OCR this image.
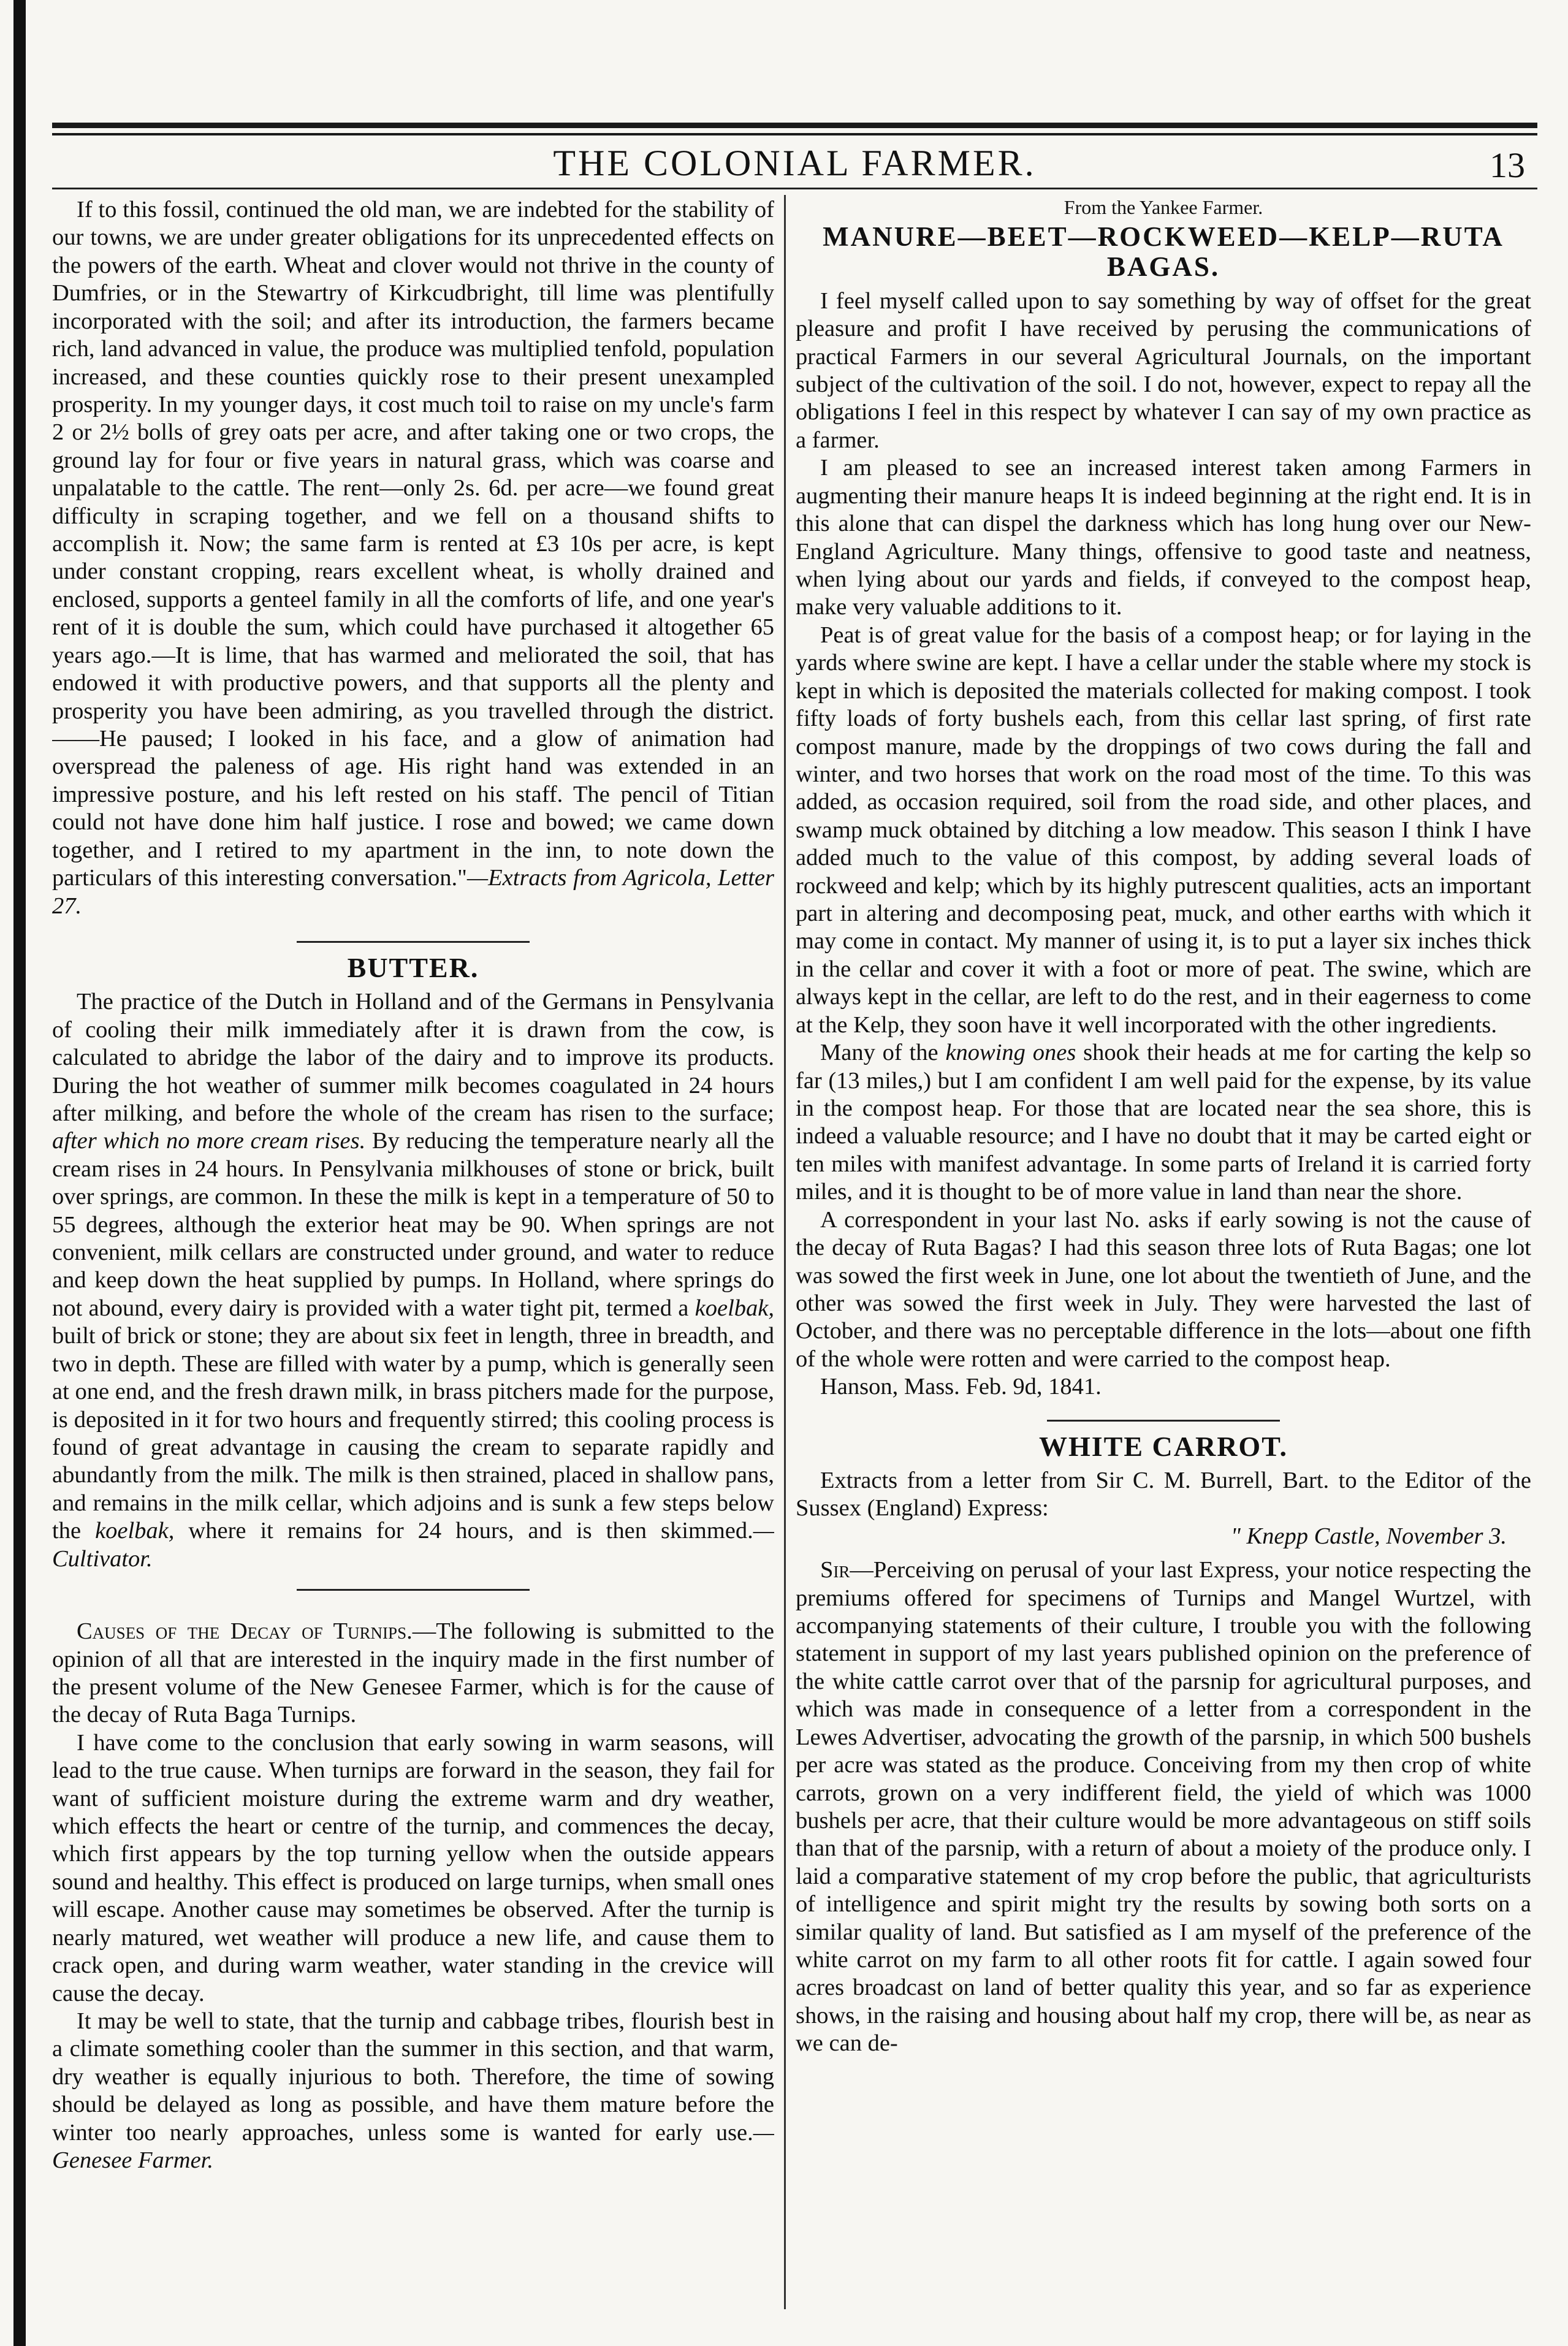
THE COLONIAL FARMER.	13

If to this fossil, continued the old man, we are indebted for the stability of our towns, we are under greater obligations for its unprecedented effects on the powers of the earth. Wheat and clover would not thrive in the county of Dumfries, or in the Stewartry of Kirkcudbright, till lime was plentifully incorporated with the soil; and after its introduction, the farmers became rich, land advanced in value, the produce was multiplied tenfold, population increased, and these counties quickly rose to their present unexampled prosperity. In my younger days, it cost much toil to raise on my uncle's farm 2 or 2½ bolls of grey oats per acre, and after taking one or two crops, the ground lay for four or five years in natural grass, which was coarse and unpalatable to the cattle. The rent—only 2s. 6d. per acre—we found great difficulty in scraping together, and we fell on a thousand shifts to accomplish it. Now; the same farm is rented at £3 10s per acre, is kept under constant cropping, rears excellent wheat, is wholly drained and enclosed, supports a genteel family in all the comforts of life, and one year's rent of it is double the sum, which could have purchased it altogether 65 years ago.—It is lime, that has warmed and meliorated the soil, that has endowed it with productive powers, and that supports all the plenty and prosperity you have been admiring, as you travelled through the district.——He paused; I looked in his face, and a glow of animation had overspread the paleness of age. His right hand was extended in an impressive posture, and his left rested on his staff. The pencil of Titian could not have done him half justice. I rose and bowed; we came down together, and I retired to my apartment in the inn, to note down the particulars of this interesting conversation."—Extracts from Agricola, Letter 27.

BUTTER.

The practice of the Dutch in Holland and of the Germans in Pensylvania of cooling their milk immediately after it is drawn from the cow, is calculated to abridge the labor of the dairy and to improve its products. During the hot weather of summer milk becomes coagulated in 24 hours after milking, and before the whole of the cream has risen to the surface; after which no more cream rises. By reducing the temperature nearly all the cream rises in 24 hours. In Pensylvania milkhouses of stone or brick, built over springs, are common. In these the milk is kept in a temperature of 50 to 55 degrees, although the exterior heat may be 90. When springs are not convenient, milk cellars are constructed under ground, and water to reduce and keep down the heat supplied by pumps. In Holland, where springs do not abound, every dairy is provided with a water tight pit, termed a koelbak, built of brick or stone; they are about six feet in length, three in breadth, and two in depth. These are filled with water by a pump, which is generally seen at one end, and the fresh drawn milk, in brass pitchers made for the purpose, is deposited in it for two hours and frequently stirred; this cooling process is found of great advantage in causing the cream to separate rapidly and abundantly from the milk. The milk is then strained, placed in shallow pans, and remains in the milk cellar, which adjoins and is sunk a few steps below the koelbak, where it remains for 24 hours, and is then skimmed.—Cultivator.

Causes of the Decay of Turnips.—The following is submitted to the opinion of all that are interested in the inquiry made in the first number of the present volume of the New Genesee Farmer, which is for the cause of the decay of Ruta Baga Turnips.

I have come to the conclusion that early sowing in warm seasons, will lead to the true cause. When turnips are forward in the season, they fail for want of sufficient moisture during the extreme warm and dry weather, which effects the heart or centre of the turnip, and commences the decay, which first appears by the top turning yellow when the outside appears sound and healthy. This effect is produced on large turnips, when small ones will escape. Another cause may sometimes be observed. After the turnip is nearly matured, wet weather will produce a new life, and cause them to crack open, and during warm weather, water standing in the crevice will cause the decay.

It may be well to state, that the turnip and cabbage tribes, flourish best in a climate something cooler than the summer in this section, and that warm, dry weather is equally injurious to both. Therefore, the time of sowing should be delayed as long as possible, and have them mature before the winter too nearly approaches, unless some is wanted for early use.—Genesee Farmer.

From the Yankee Farmer.
MANURE—BEET—ROCKWEED—KELP—RUTA BAGAS.

I feel myself called upon to say something by way of offset for the great pleasure and profit I have received by perusing the communications of practical Farmers in our several Agricultural Journals, on the important subject of the cultivation of the soil. I do not, however, expect to repay all the obligations I feel in this respect by whatever I can say of my own practice as a farmer.

I am pleased to see an increased interest taken among Farmers in augmenting their manure heaps It is indeed beginning at the right end. It is in this alone that can dispel the darkness which has long hung over our New-England Agriculture. Many things, offensive to good taste and neatness, when lying about our yards and fields, if conveyed to the compost heap, make very valuable additions to it.

Peat is of great value for the basis of a compost heap; or for laying in the yards where swine are kept. I have a cellar under the stable where my stock is kept in which is deposited the materials collected for making compost. I took fifty loads of forty bushels each, from this cellar last spring, of first rate compost manure, made by the droppings of two cows during the fall and winter, and two horses that work on the road most of the time. To this was added, as occasion required, soil from the road side, and other places, and swamp muck obtained by ditching a low meadow. This season I think I have added much to the value of this compost, by adding several loads of rockweed and kelp; which by its highly putrescent qualities, acts an important part in altering and decomposing peat, muck, and other earths with which it may come in contact. My manner of using it, is to put a layer six inches thick in the cellar and cover it with a foot or more of peat. The swine, which are always kept in the cellar, are left to do the rest, and in their eagerness to come at the Kelp, they soon have it well incorporated with the other ingredients.

Many of the knowing ones shook their heads at me for carting the kelp so far (13 miles,) but I am confident I am well paid for the expense, by its value in the compost heap. For those that are located near the sea shore, this is indeed a valuable resource; and I have no doubt that it may be carted eight or ten miles with manifest advantage. In some parts of Ireland it is carried forty miles, and it is thought to be of more value in land than near the shore.

A correspondent in your last No. asks if early sowing is not the cause of the decay of Ruta Bagas? I had this season three lots of Ruta Bagas; one lot was sowed the first week in June, one lot about the twentieth of June, and the other was sowed the first week in July. They were harvested the last of October, and there was no perceptable difference in the lots—about one fifth of the whole were rotten and were carried to the compost heap.

Hanson, Mass. Feb. 9d, 1841.

WHITE CARROT.

Extracts from a letter from Sir C. M. Burrell, Bart. to the Editor of the Sussex (England) Express:

" Knepp Castle, November 3.

Sir—Perceiving on perusal of your last Express, your notice respecting the premiums offered for specimens of Turnips and Mangel Wurtzel, with accompanying statements of their culture, I trouble you with the following statement in support of my last years published opinion on the preference of the white cattle carrot over that of the parsnip for agricultural purposes, and which was made in consequence of a letter from a correspondent in the Lewes Advertiser, advocating the growth of the parsnip, in which 500 bushels per acre was stated as the produce. Conceiving from my then crop of white carrots, grown on a very indifferent field, the yield of which was 1000 bushels per acre, that their culture would be more advantageous on stiff soils than that of the parsnip, with a return of about a moiety of the produce only. I laid a comparative statement of my crop before the public, that agriculturists of intelligence and spirit might try the results by sowing both sorts on a similar quality of land. But satisfied as I am myself of the preference of the white carrot on my farm to all other roots fit for cattle. I again sowed four acres broadcast on land of better quality this year, and so far as experience shows, in the raising and housing about half my crop, there will be, as near as we can de-
